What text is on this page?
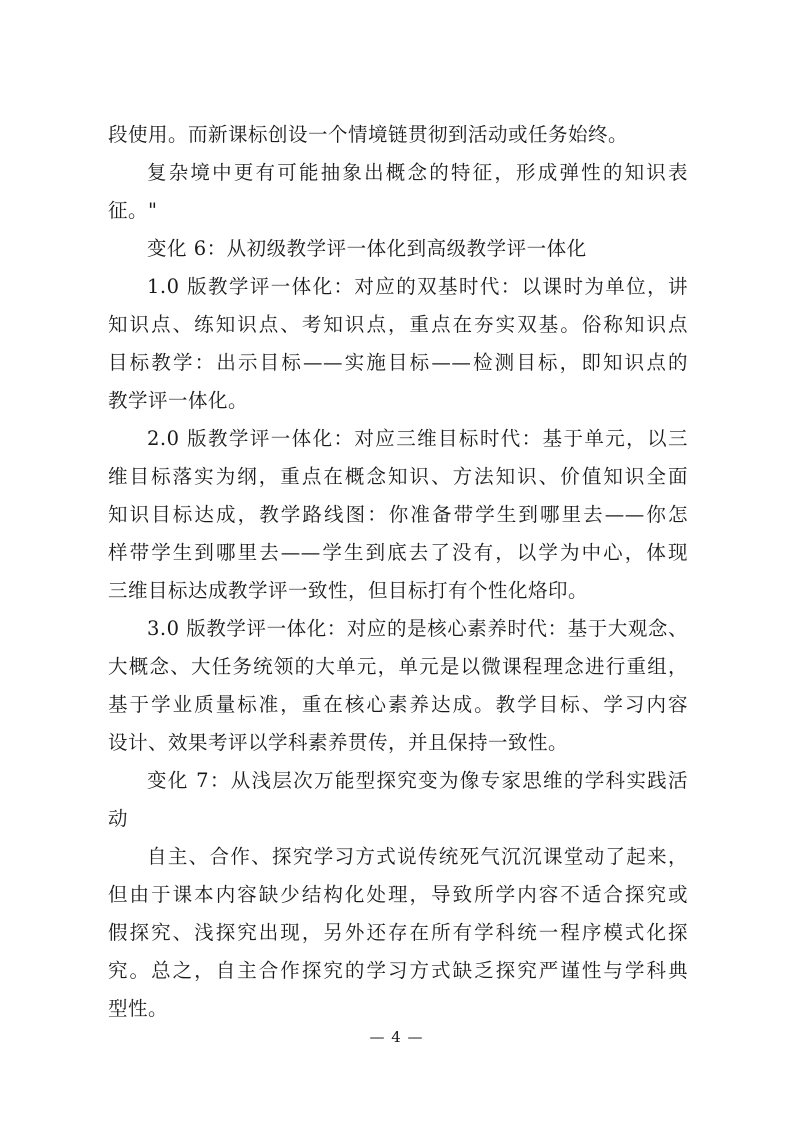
段使用。而新课标创设一个情境链贯彻到活动或任务始终。
复杂境中更有可能抽象出概念的特征，形成弹性的知识表
征。"
变化 6：从初级教学评一体化到高级教学评一体化
1.0 版教学评一体化：对应的双基时代：以课时为单位，讲
知识点、练知识点、考知识点，重点在夯实双基。俗称知识点
目标教学：出示目标——实施目标——检测目标，即知识点的
教学评一体化。
2.0 版教学评一体化：对应三维目标时代：基于单元，以三
维目标落实为纲，重点在概念知识、方法知识、价值知识全面
知识目标达成，教学路线图：你准备带学生到哪里去——你怎
样带学生到哪里去——学生到底去了没有，以学为中心，体现
三维目标达成教学评一致性，但目标打有个性化烙印。
3.0 版教学评一体化：对应的是核心素养时代：基于大观念、
大概念、大任务统领的大单元，单元是以微课程理念进行重组，
基于学业质量标准，重在核心素养达成。教学目标、学习内容
设计、效果考评以学科素养贯传，并且保持一致性。
变化 7：从浅层次万能型探究变为像专家思维的学科实践活
动
自主、合作、探究学习方式说传统死气沉沉课堂动了起来，
但由于课本内容缺少结构化处理，导致所学内容不适合探究或
假探究、浅探究出现，另外还存在所有学科统一程序模式化探
究。总之，自主合作探究的学习方式缺乏探究严谨性与学科典
型性。
— 4 —
